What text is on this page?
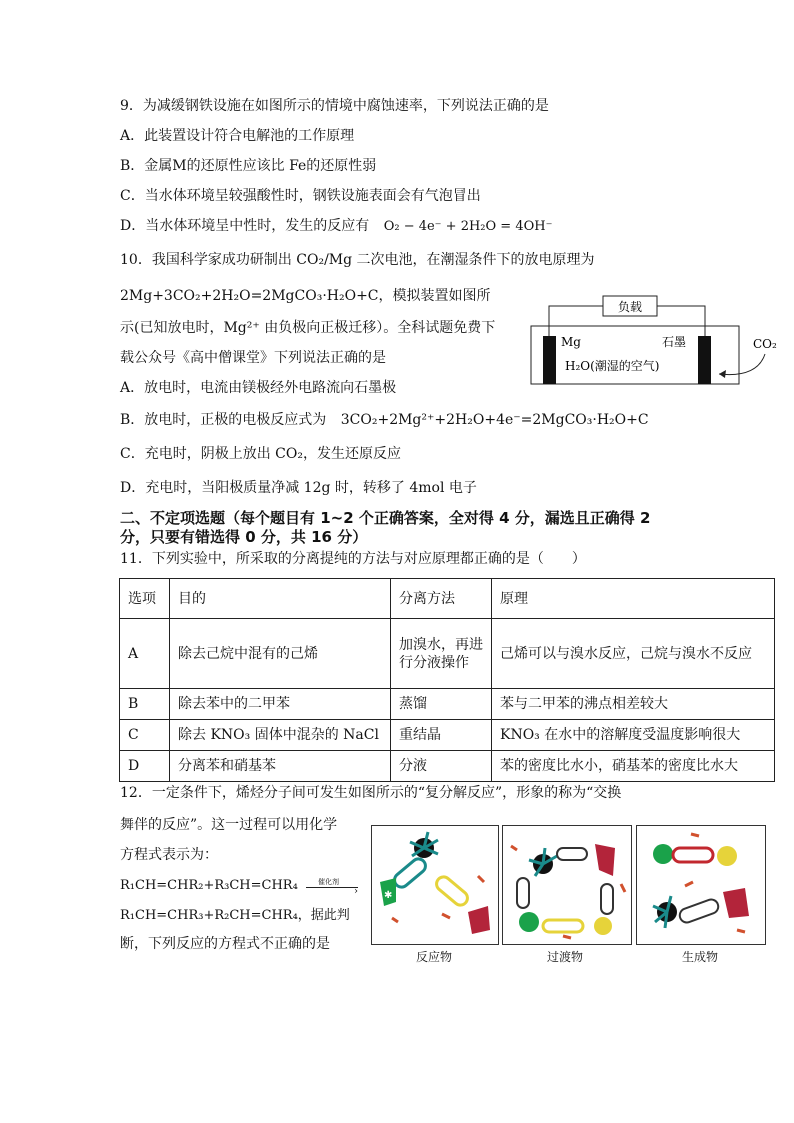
9．为减缓钢铁设施在如图所示的情境中腐蚀速率，下列说法正确的是
A．此装置设计符合电解池的工作原理
B．金属M的还原性应该比 Fe的还原性弱
C．当水体环境呈较强酸性时，钢铁设施表面会有气泡冒出
D．当水体环境呈中性时，发生的反应有 O₂ − 4e⁻ + 2H₂O = 4OH⁻
10．我国科学家成功研制出 CO₂/Mg 二次电池，在潮湿条件下的放电原理为
2Mg+3CO₂+2H₂O=2MgCO₃·H₂O+C，模拟装置如图所
示(已知放电时，Mg²⁺ 由负极向正极迁移）。全科试题免费下
载公众号《高中僧课堂》下列说法正确的是
A．放电时，电流由镁极经外电路流向石墨极
B．放电时，正极的电极反应式为 3CO₂+2Mg²⁺+2H₂O+4e⁻=2MgCO₃·H₂O+C
C．充电时，阴极上放出 CO₂，发生还原反应
D．充电时，当阳极质量净减 12g 时，转移了 4mol 电子
负载
Mg	石墨
H₂O(潮湿的空气)
CO₂
二、不定项选题（每个题目有 1~2 个正确答案，全对得 4 分，漏选且正确得 2
分，只要有错选得 0 分，共 16 分）
11．下列实验中，所采取的分离提纯的方法与对应原理都正确的是（　　）
选项	目的	分离方法	原理
A	除去己烷中混有的己烯	加溴水，再进行分液操作	己烯可以与溴水反应，己烷与溴水不反应
B	除去苯中的二甲苯	蒸馏	苯与二甲苯的沸点相差较大
C	除去 KNO₃ 固体中混杂的 NaCl	重结晶	KNO₃ 在水中的溶解度受温度影响很大
D	分离苯和硝基苯	分液	苯的密度比水小，硝基苯的密度比水大
12．一定条件下，烯烃分子间可发生如图所示的“复分解反应”，形象的称为“交换
舞伴的反应”。这一过程可以用化学
方程式表示为：
R₁CH=CHR₂+R₃CH=CHR₄	催化剂
›
R₁CH=CHR₃+R₂CH=CHR₄，据此判
断，下列反应的方程式不正确的是
✱
反应物	过渡物	生成物
